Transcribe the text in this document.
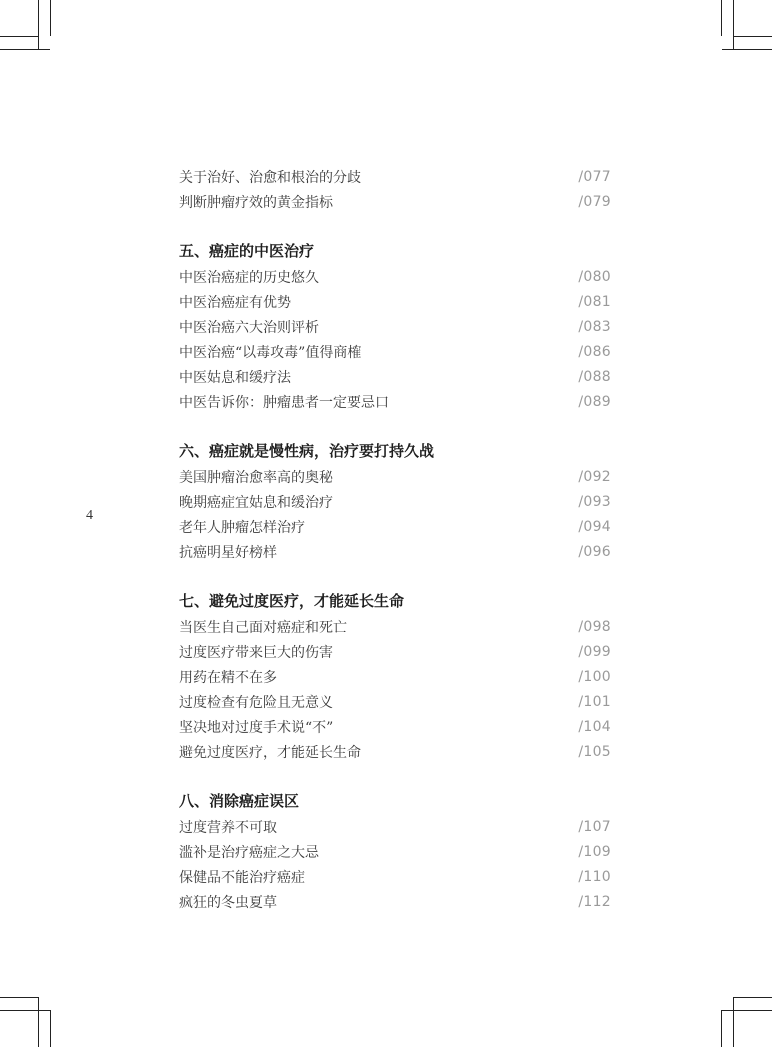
4
关于治好、治愈和根治的分歧	/077
判断肿瘤疗效的黄金指标	/079
五、癌症的中医治疗
中医治癌症的历史悠久	/080
中医治癌症有优势	/081
中医治癌六大治则评析	/083
中医治癌“以毒攻毒”值得商榷	/086
中医姑息和缓疗法	/088
中医告诉你：肿瘤患者一定要忌口	/089
六、癌症就是慢性病，治疗要打持久战
美国肿瘤治愈率高的奥秘	/092
晚期癌症宜姑息和缓治疗	/093
老年人肿瘤怎样治疗	/094
抗癌明星好榜样	/096
七、避免过度医疗，才能延长生命
当医生自己面对癌症和死亡	/098
过度医疗带来巨大的伤害	/099
用药在精不在多	/100
过度检查有危险且无意义	/101
坚决地对过度手术说“不”	/104
避免过度医疗，才能延长生命	/105
八、消除癌症误区
过度营养不可取	/107
滥补是治疗癌症之大忌	/109
保健品不能治疗癌症	/110
疯狂的冬虫夏草	/112
